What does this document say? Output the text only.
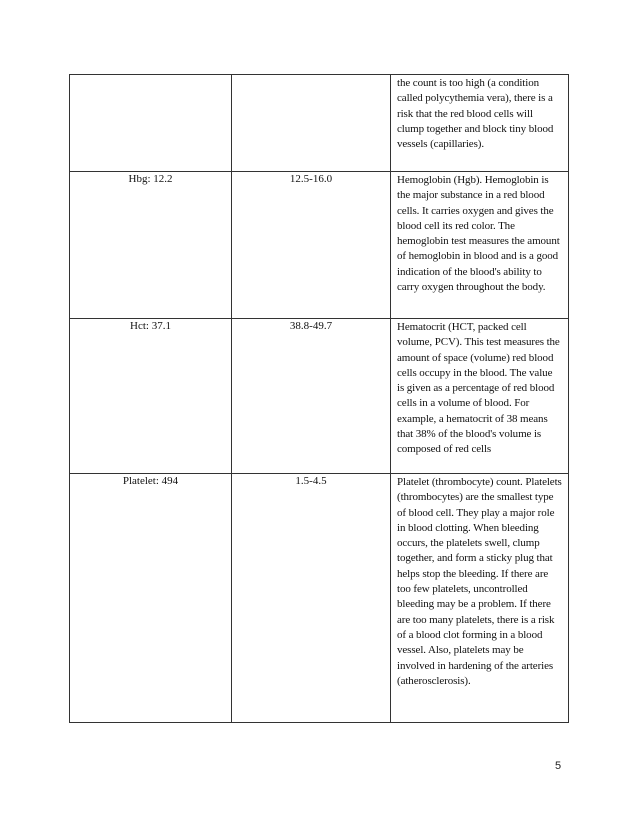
		the count is too high (a condition called polycythemia vera), there is a risk that the red blood cells will clump together and block tiny blood vessels (capillaries).
Hbg: 12.2	12.5-16.0	Hemoglobin (Hgb). Hemoglobin is the major substance in a red blood cells. It carries oxygen and gives the blood cell its red color. The hemoglobin test measures the amount of hemoglobin in blood and is a good indication of the blood's ability to carry oxygen throughout the body.
Hct: 37.1	38.8-49.7	Hematocrit (HCT, packed cell volume, PCV). This test measures the amount of space (volume) red blood cells occupy in the blood. The value is given as a percentage of red blood cells in a volume of blood. For example, a hematocrit of 38 means that 38% of the blood's volume is composed of red cells
Platelet: 494	1.5-4.5	Platelet (thrombocyte) count. Platelets (thrombocytes) are the smallest type of blood cell. They play a major role in blood clotting. When bleeding occurs, the platelets swell, clump together, and form a sticky plug that helps stop the bleeding. If there are too few platelets, uncontrolled bleeding may be a problem. If there are too many platelets, there is a risk of a blood clot forming in a blood vessel. Also, platelets may be involved in hardening of the arteries (atherosclerosis).
5
